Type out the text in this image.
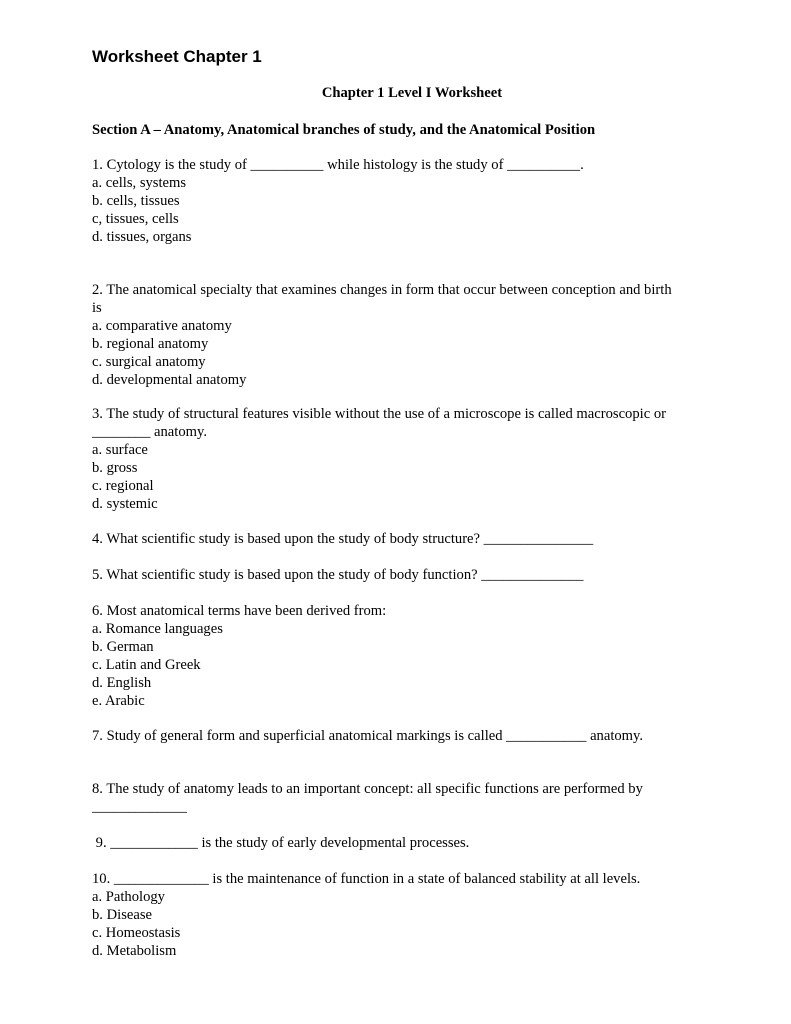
Worksheet Chapter 1

Chapter 1 Level I Worksheet

Section A – Anatomy, Anatomical branches of study, and the Anatomical Position

1. Cytology is the study of __________ while histology is the study of __________.
a. cells, systems
b. cells, tissues
c, tissues, cells
d. tissues, organs
2. The anatomical specialty that examines changes in form that occur between conception and birth
is
a. comparative anatomy
b. regional anatomy
c. surgical anatomy
d. developmental anatomy
3. The study of structural features visible without the use of a microscope is called macroscopic or
________ anatomy.
a. surface
b. gross
c. regional
d. systemic
4. What scientific study is based upon the study of body structure? _______________
5. What scientific study is based upon the study of body function? ______________
6. Most anatomical terms have been derived from:
a. Romance languages
b. German
c. Latin and Greek
d. English
e. Arabic
7. Study of general form and superficial anatomical markings is called ___________ anatomy.
8. The study of anatomy leads to an important concept: all specific functions are performed by
_____________
9. ____________ is the study of early developmental processes.
10. _____________ is the maintenance of function in a state of balanced stability at all levels.
a. Pathology
b. Disease
c. Homeostasis
d. Metabolism
